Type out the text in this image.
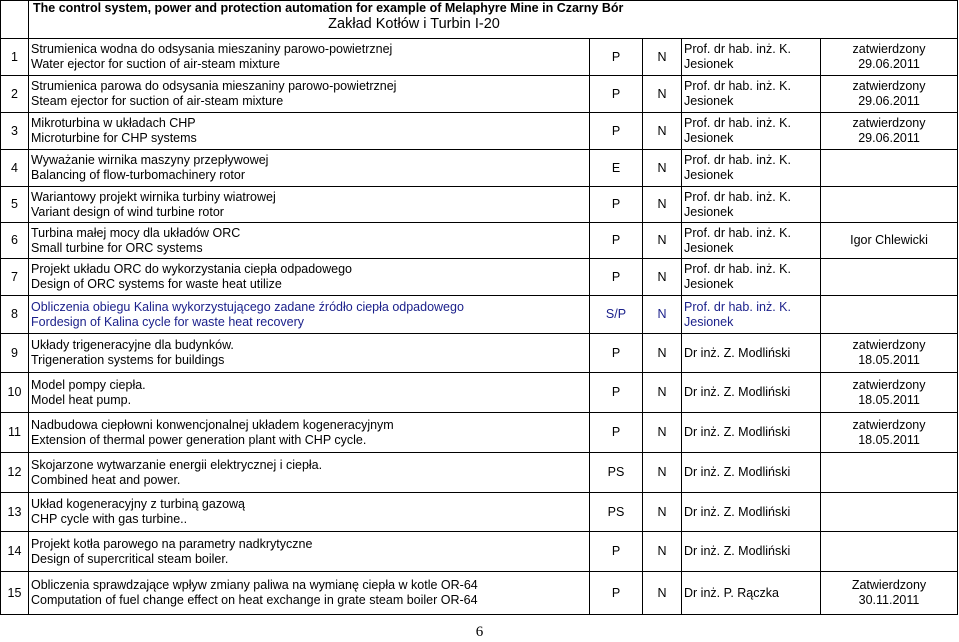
	The control system, power and protection automation for example of Melaphyre Mine in Czarny Bór
Zakład Kotłów i Turbin I-20				

1	Strumienica wodna do odsysania mieszaniny parowo-powietrznej
Water ejector for suction of air-steam mixture	P	N	Prof. dr hab. inż. K.
Jesionek	zatwierdzony
29.06.2011

2	Strumienica parowa do odsysania mieszaniny parowo-powietrznej
Steam ejector for suction of air-steam mixture	P	N	Prof. dr hab. inż. K.
Jesionek	zatwierdzony
29.06.2011

3	Mikroturbina w układach CHP
Microturbine for CHP systems	P	N	Prof. dr hab. inż. K.
Jesionek	zatwierdzony
29.06.2011

4	Wyważanie wirnika maszyny przepływowej
Balancing of flow-turbomachinery rotor	E	N	Prof. dr hab. inż. K.
Jesionek	

5	Wariantowy projekt wirnika turbiny wiatrowej
Variant design of wind turbine rotor	P	N	Prof. dr hab. inż. K.
Jesionek	

6	Turbina małej mocy dla układów ORC
Small turbine for ORC systems	P	N	Prof. dr hab. inż. K.
Jesionek	Igor Chlewicki

7	Projekt układu ORC do wykorzystania ciepła odpadowego
Design of ORC systems for waste heat utilize	P	N	Prof. dr hab. inż. K.
Jesionek	

8	Obliczenia obiegu Kalina wykorzystującego zadane źródło ciepła odpadowego
Fordesign of Kalina cycle for waste heat recovery	S/P	N	Prof. dr hab. inż. K.
Jesionek	

9	Układy trigeneracyjne dla budynków.
Trigeneration systems for buildings	P	N	Dr inż. Z. Modliński	zatwierdzony
18.05.2011

10	Model pompy ciepła.
Model heat pump.	P	N	Dr inż. Z. Modliński	zatwierdzony
18.05.2011

11	Nadbudowa ciepłowni konwencjonalnej układem kogeneracyjnym
Extension of thermal power generation plant with CHP cycle.	P	N	Dr inż. Z. Modliński	zatwierdzony
18.05.2011

12	Skojarzone wytwarzanie energii elektrycznej i ciepła.
Combined heat and power.	PS	N	Dr inż. Z. Modliński	

13	Układ kogeneracyjny z turbiną gazową
CHP cycle with gas turbine..	PS	N	Dr inż. Z. Modliński	

14	Projekt kotła parowego na parametry nadkrytyczne
Design of supercritical steam boiler.	P	N	Dr inż. Z. Modliński	

15	Obliczenia sprawdzające wpływ zmiany paliwa na wymianę ciepła w kotle OR-64
Computation of fuel change effect on heat exchange in grate steam boiler OR-64	P	N	Dr inż. P. Rączka	Zatwierdzony
30.11.2011
6
